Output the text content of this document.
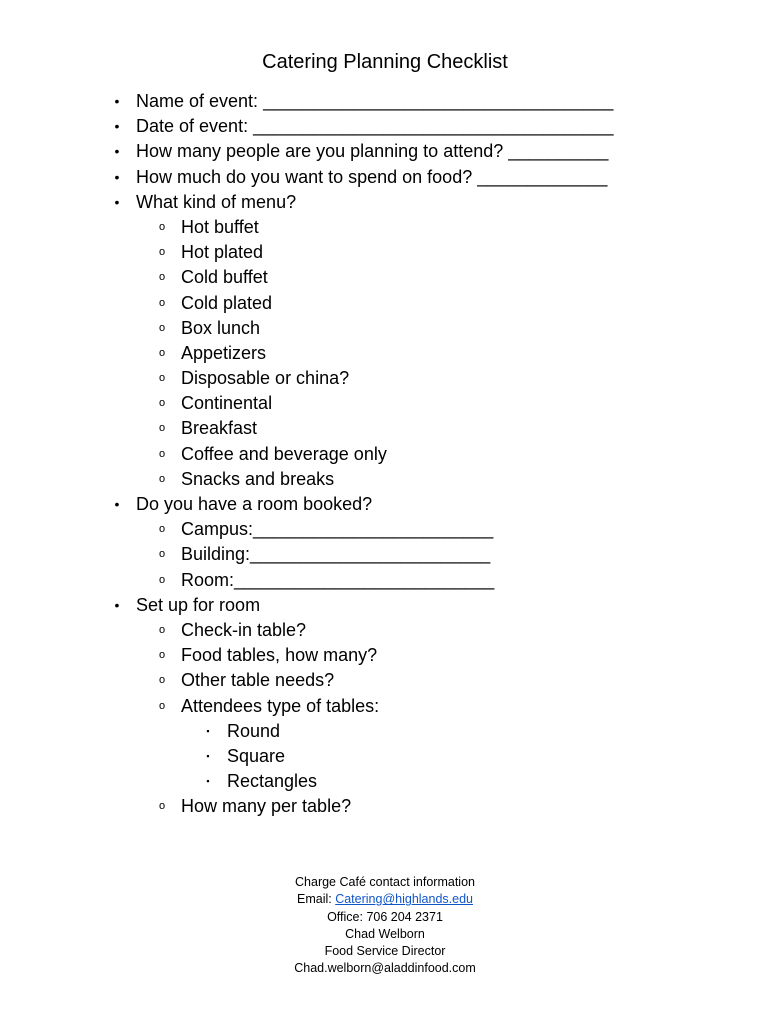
Catering Planning Checklist
• Name of event: ___________________________________
• Date of event: ____________________________________
• How many people are you planning to attend? __________
• How much do you want to spend on food? _____________
• What kind of menu?
o Hot buffet
o Hot plated
o Cold buffet
o Cold plated
o Box lunch
o Appetizers
o Disposable or china?
o Continental
o Breakfast
o Coffee and beverage only
o Snacks and breaks
• Do you have a room booked?
o Campus:________________________
o Building:________________________
o Room:__________________________
• Set up for room
o Check-in table?
o Food tables, how many?
o Other table needs?
o Attendees type of tables:
▪ Round
▪ Square
▪ Rectangles
o How many per table?
Charge Café contact information
Email: Catering@highlands.edu
Office: 706 204 2371
Chad Welborn
Food Service Director
Chad.welborn@aladdinfood.com
